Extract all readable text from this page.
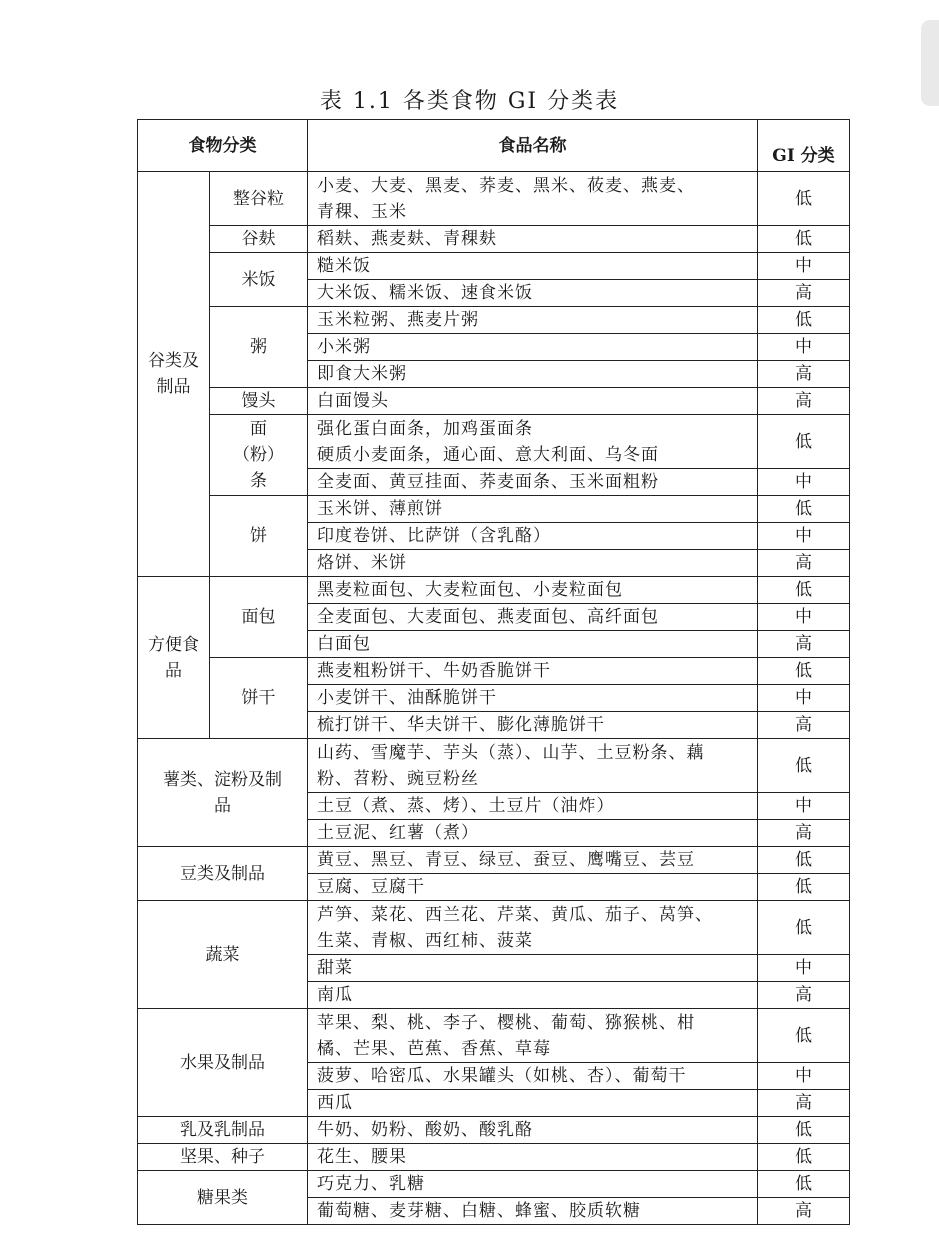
表 1.1 各类食物 GI 分类表
食物分类		食品名称	GI 分类
谷类及制品	整谷粒	小麦、大麦、黑麦、荞麦、黑米、莜麦、燕麦、
青稞、玉米	低
	谷麸	稻麸、燕麦麸、青稞麸	低
	米饭	糙米饭	中
		大米饭、糯米饭、速食米饭	高
	粥	玉米粒粥、燕麦片粥	低
		小米粥	中
		即食大米粥	高
	馒头	白面馒头	高
	面（粉）条	强化蛋白面条，加鸡蛋面条
硬质小麦面条，通心面、意大利面、乌冬面	低
		全麦面、黄豆挂面、荞麦面条、玉米面粗粉	中
	饼	玉米饼、薄煎饼	低
		印度卷饼、比萨饼（含乳酪）	中
		烙饼、米饼	高
方便食品	面包	黑麦粒面包、大麦粒面包、小麦粒面包	低
		全麦面包、大麦面包、燕麦面包、高纤面包	中
		白面包	高
	饼干	燕麦粗粉饼干、牛奶香脆饼干	低
		小麦饼干、油酥脆饼干	中
		梳打饼干、华夫饼干、膨化薄脆饼干	高
薯类、淀粉及制品		山药、雪魔芋、芋头（蒸）、山芋、土豆粉条、藕
粉、苕粉、豌豆粉丝	低
		土豆（煮、蒸、烤）、土豆片（油炸）	中
		土豆泥、红薯（煮）	高
豆类及制品		黄豆、黑豆、青豆、绿豆、蚕豆、鹰嘴豆、芸豆	低
		豆腐、豆腐干	低
蔬菜		芦笋、菜花、西兰花、芹菜、黄瓜、茄子、莴笋、
生菜、青椒、西红柿、菠菜	低
		甜菜	中
		南瓜	高
水果及制品		苹果、梨、桃、李子、樱桃、葡萄、猕猴桃、柑
橘、芒果、芭蕉、香蕉、草莓	低
		菠萝、哈密瓜、水果罐头（如桃、杏）、葡萄干	中
		西瓜	高
乳及乳制品		牛奶、奶粉、酸奶、酸乳酪	低
坚果、种子		花生、腰果	低
糖果类		巧克力、乳糖	低
		葡萄糖、麦芽糖、白糖、蜂蜜、胶质软糖	高
